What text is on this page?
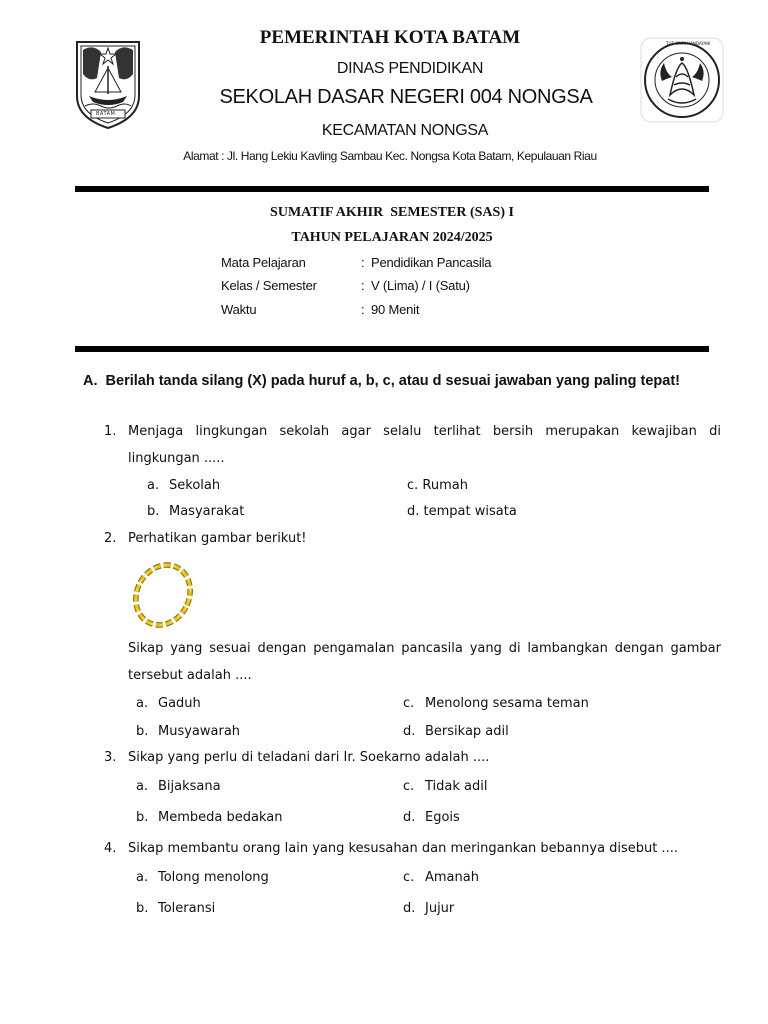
BATAM
TUT WURI HANDAYANI
PEMERINTAH KOTA BATAM
DINAS PENDIDIKAN
SEKOLAH DASAR NEGERI 004 NONGSA
KECAMATAN NONGSA
Alamat : Jl. Hang Lekiu Kavling Sambau Kec. Nongsa Kota Batam, Kepulauan Riau
SUMATIF AKHIR  SEMESTER (SAS) I
TAHUN PELAJARAN 2024/2025
Mata Pelajaran	: Pendidikan Pancasila
Kelas / Semester	: V (Lima) / I (Satu)
Waktu	: 90 Menit
A. Berilah tanda silang (X) pada huruf a, b, c, atau d sesuai jawaban yang paling tepat!
1. Menjaga lingkungan sekolah agar selalu terlihat bersih merupakan kewajiban di lingkungan .....
a. Sekolah	c. Rumah
b. Masyarakat	d. tempat wisata
2. Perhatikan gambar berikut!
Sikap yang sesuai dengan pengamalan pancasila yang di lambangkan dengan gambar tersebut adalah ....
a. Gaduh	c. Menolong sesama teman
b. Musyawarah	d. Bersikap adil
3. Sikap yang perlu di teladani dari Ir. Soekarno adalah ....
a. Bijaksana	c. Tidak adil
b. Membeda bedakan	d. Egois
4. Sikap membantu orang lain yang kesusahan dan meringankan bebannya disebut ....
a. Tolong menolong	c. Amanah
b. Toleransi	d. Jujur
